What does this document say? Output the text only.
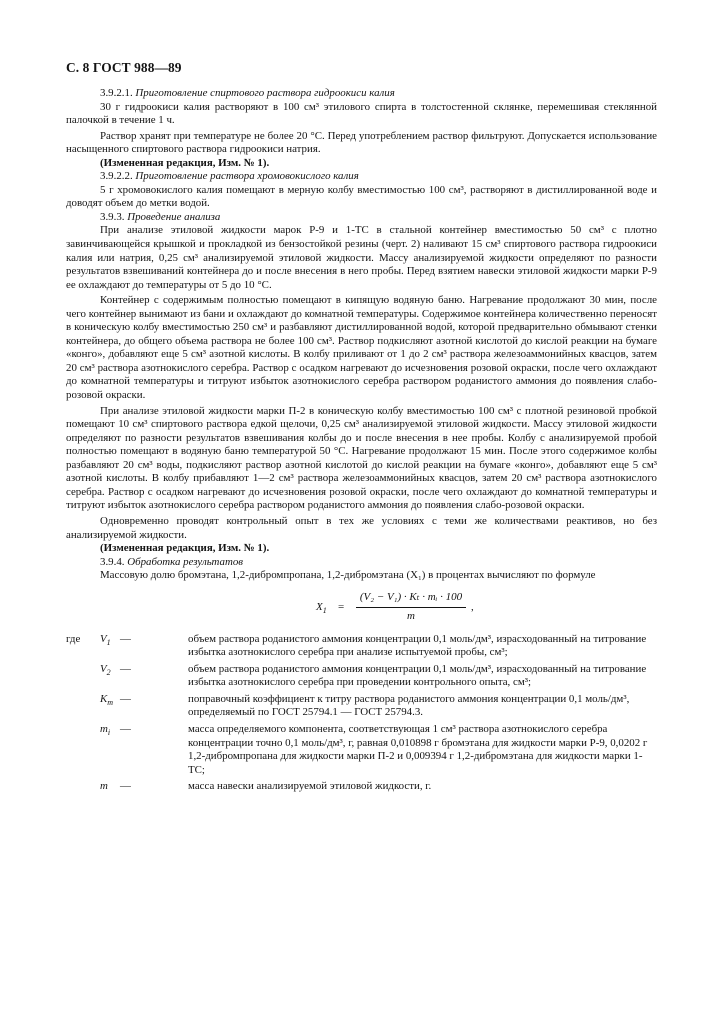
С. 8 ГОСТ 988—89

3.9.2.1. Приготовление спиртового раствора гидроокиси калия

30 г гидроокиси калия растворяют в 100 см³ этилового спирта в толстостенной склянке, перемешивая стеклянной палочкой в течение 1 ч.

Раствор хранят при температуре не более 20 °С. Перед употреблением раствор фильтруют. Допускается использование насыщенного спиртового раствора гидроокиси натрия.

(Измененная редакция, Изм. № 1).

3.9.2.2. Приготовление раствора хромовокислого калия

5 г хромовокислого калия помещают в мерную колбу вместимостью 100 см³, растворяют в дистиллированной воде и доводят объем до метки водой.

3.9.3. Проведение анализа

При анализе этиловой жидкости марок Р-9 и 1-ТС в стальной контейнер вместимостью 50 см³ с плотно завинчивающейся крышкой и прокладкой из бензостойкой резины (черт. 2) наливают 15 см³ спиртового раствора гидроокиси калия или натрия, 0,25 см³ анализируемой этиловой жидкости. Массу анализируемой жидкости определяют по разности результатов взвешиваний контейнера до и после внесения в него пробы. Перед взятием навески этиловой жидкости марки Р-9 ее охлаждают до температуры от 5 до 10 °С.

Контейнер с содержимым полностью помещают в кипящую водяную баню. Нагревание продолжают 30 мин, после чего контейнер вынимают из бани и охлаждают до комнатной температуры. Содержимое контейнера количественно переносят в коническую колбу вместимостью 250 см³ и разбавляют дистиллированной водой, которой предварительно обмывают стенки контейнера, до общего объема раствора не более 100 см³. Раствор подкисляют азотной кислотой до кислой реакции на бумаге «конго», добавляют еще 5 см³ азотной кислоты. В колбу приливают от 1 до 2 см³ раствора железоаммонийных квасцов, затем 20 см³ раствора азотнокислого серебра. Раствор с осадком нагревают до исчезновения розовой окраски, после чего охлаждают до комнатной температуры и титруют избыток азотнокислого серебра раствором роданистого аммония до появления слабо-розовой окраски.

При анализе этиловой жидкости марки П-2 в коническую колбу вместимостью 100 см³ с плотной резиновой пробкой помещают 10 см³ спиртового раствора едкой щелочи, 0,25 см³ анализируемой этиловой жидкости. Массу этиловой жидкости определяют по разности результатов взвешивания колбы до и после внесения в нее пробы. Колбу с анализируемой пробой полностью помещают в водяную баню температурой 50 °С. Нагревание продолжают 15 мин. После этого содержимое колбы разбавляют 20 см³ воды, подкисляют раствор азотной кислотой до кислой реакции на бумаге «конго», добавляют еще 5 см³ азотной кислоты. В колбу прибавляют 1—2 см³ раствора железоаммонийных квасцов, затем 20 см³ раствора азотнокислого серебра. Раствор с осадком нагревают до исчезновения розовой окраски, после чего охлаждают до комнатной температуры и титруют избыток азотнокислого серебра раствором роданистого аммония до появления слабо-розовой окраски.

Одновременно проводят контрольный опыт в тех же условиях с теми же количествами реактивов, но без анализируемой жидкости.

(Измененная редакция, Изм. № 1).

3.9.4. Обработка результатов

Массовую долю бромэтана, 1,2-дибромпропана, 1,2-дибромэтана (X₁) в процентах вычисляют по формуле

$X_1$ =
(V₂ − V₁) · Kₜ · mᵢ · 100
m
,
где	$V_1$ —	объем раствора роданистого аммония концентрации 0,1 моль/дм³, израсходованный на титрование избытка азотнокислого серебра при анализе испытуемой пробы, см³;
$V_2$ —	объем раствора роданистого аммония концентрации 0,1 моль/дм³, израсходованный на титрование избытка азотнокислого серебра при проведении контрольного опыта, см³;
$K_т$ —	поправочный коэффициент к титру раствора роданистого аммония концентрации 0,1 моль/дм³, определяемый по ГОСТ 25794.1 — ГОСТ 25794.3.
$m_i$ —	масса определяемого компонента, соответствующая 1 см³ раствора азотнокислого серебра концентрации точно 0,1 моль/дм³, г, равная 0,010898 г бромэтана для жидкости марки Р-9, 0,0202 г 1,2-дибромпропана для жидкости марки П-2 и 0,009394 г 1,2-дибромэтана для жидкости марки 1-ТС;
m	—	масса навески анализируемой этиловой жидкости, г.
